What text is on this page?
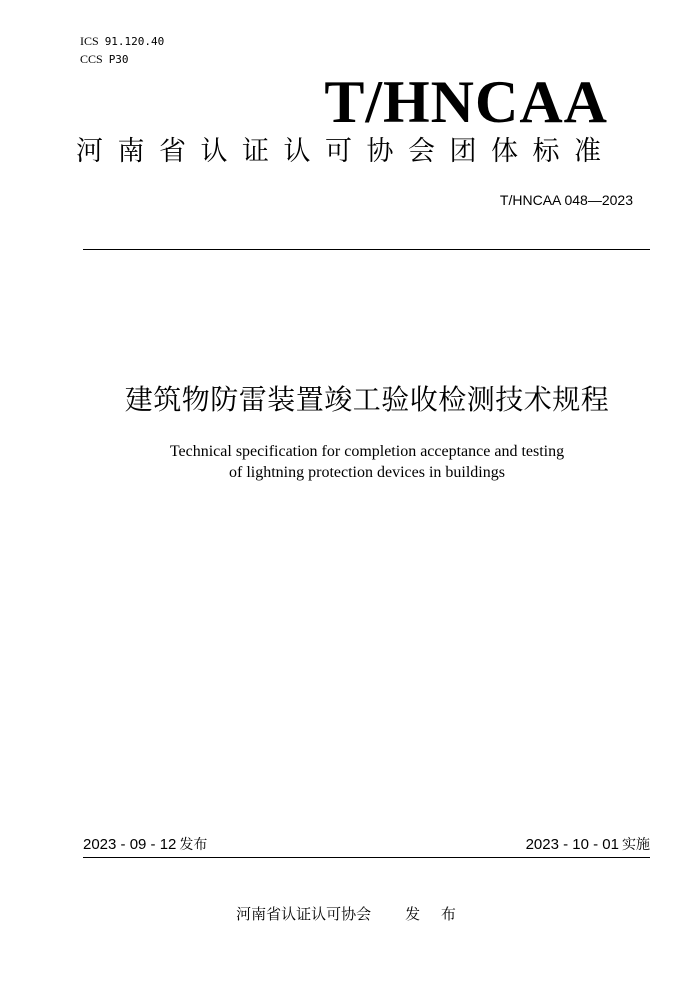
ICS 91.120.40
CCS P30
T/HNCAA
河南省认证认可协会团体标准
T/HNCAA 048—2023
建筑物防雷装置竣工验收检测技术规程
Technical specification for completion acceptance and testing
of lightning protection devices in buildings
2023 - 09 - 12 发布	2023 - 10 - 01 实施
河南省认证认可协会 发 布
